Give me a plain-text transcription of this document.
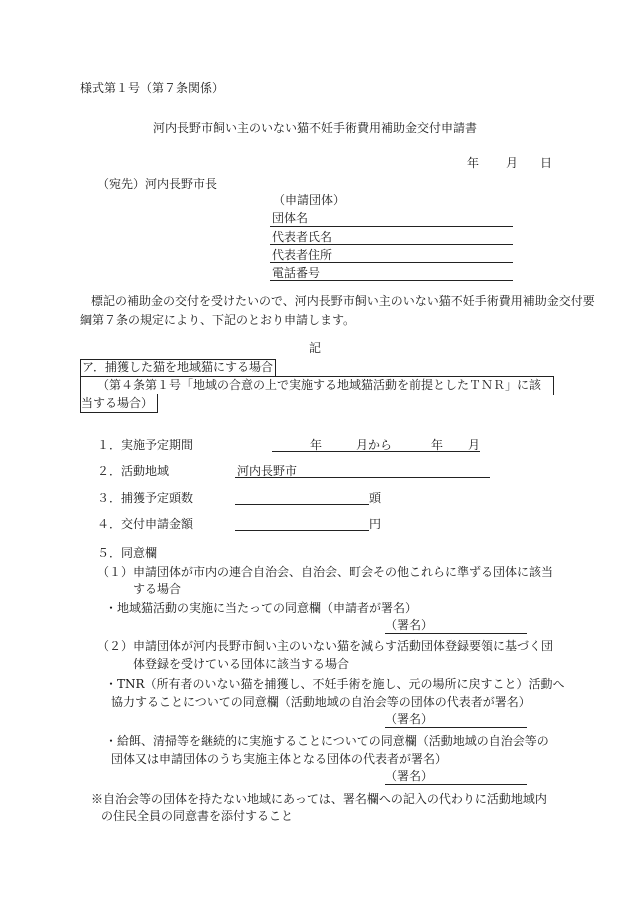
様式第１号（第７条関係）
河内長野市飼い主のいない猫不妊手術費用補助金交付申請書
年 月 日
（宛先）河内長野市長
（申請団体）
団体名
代表者氏名
代表者住所
電話番号
標記の補助金の交付を受けたいので、河内長野市飼い主のいない猫不妊手術費用補助金交付要
綱第７条の規定により、下記のとおり申請します。
記
ア．捕獲した猫を地域猫にする場合
（第４条第１号「地域の合意の上で実施する地域猫活動を前提としたＴＮＲ」に該
当する場合）
１．実施予定期間	年	月から	年 月
２．活動地域	河内長野市
３．捕獲予定頭数	頭
４．交付申請金額	円
５．同意欄
（１）申請団体が市内の連合自治会、自治会、町会その他これらに準ずる団体に該当
する場合
・地域猫活動の実施に当たっての同意欄（申請者が署名）
（署名）
（２）申請団体が河内長野市飼い主のいない猫を減らす活動団体登録要領に基づく団
体登録を受けている団体に該当する場合
・TNR（所有者のいない猫を捕獲し、不妊手術を施し、元の場所に戻すこと）活動へ
協力することについての同意欄（活動地域の自治会等の団体の代表者が署名）
（署名）
・給餌、清掃等を継続的に実施することについての同意欄（活動地域の自治会等の
団体又は申請団体のうち実施主体となる団体の代表者が署名）
（署名）
※自治会等の団体を持たない地域にあっては、署名欄への記入の代わりに活動地域内
の住民全員の同意書を添付すること
